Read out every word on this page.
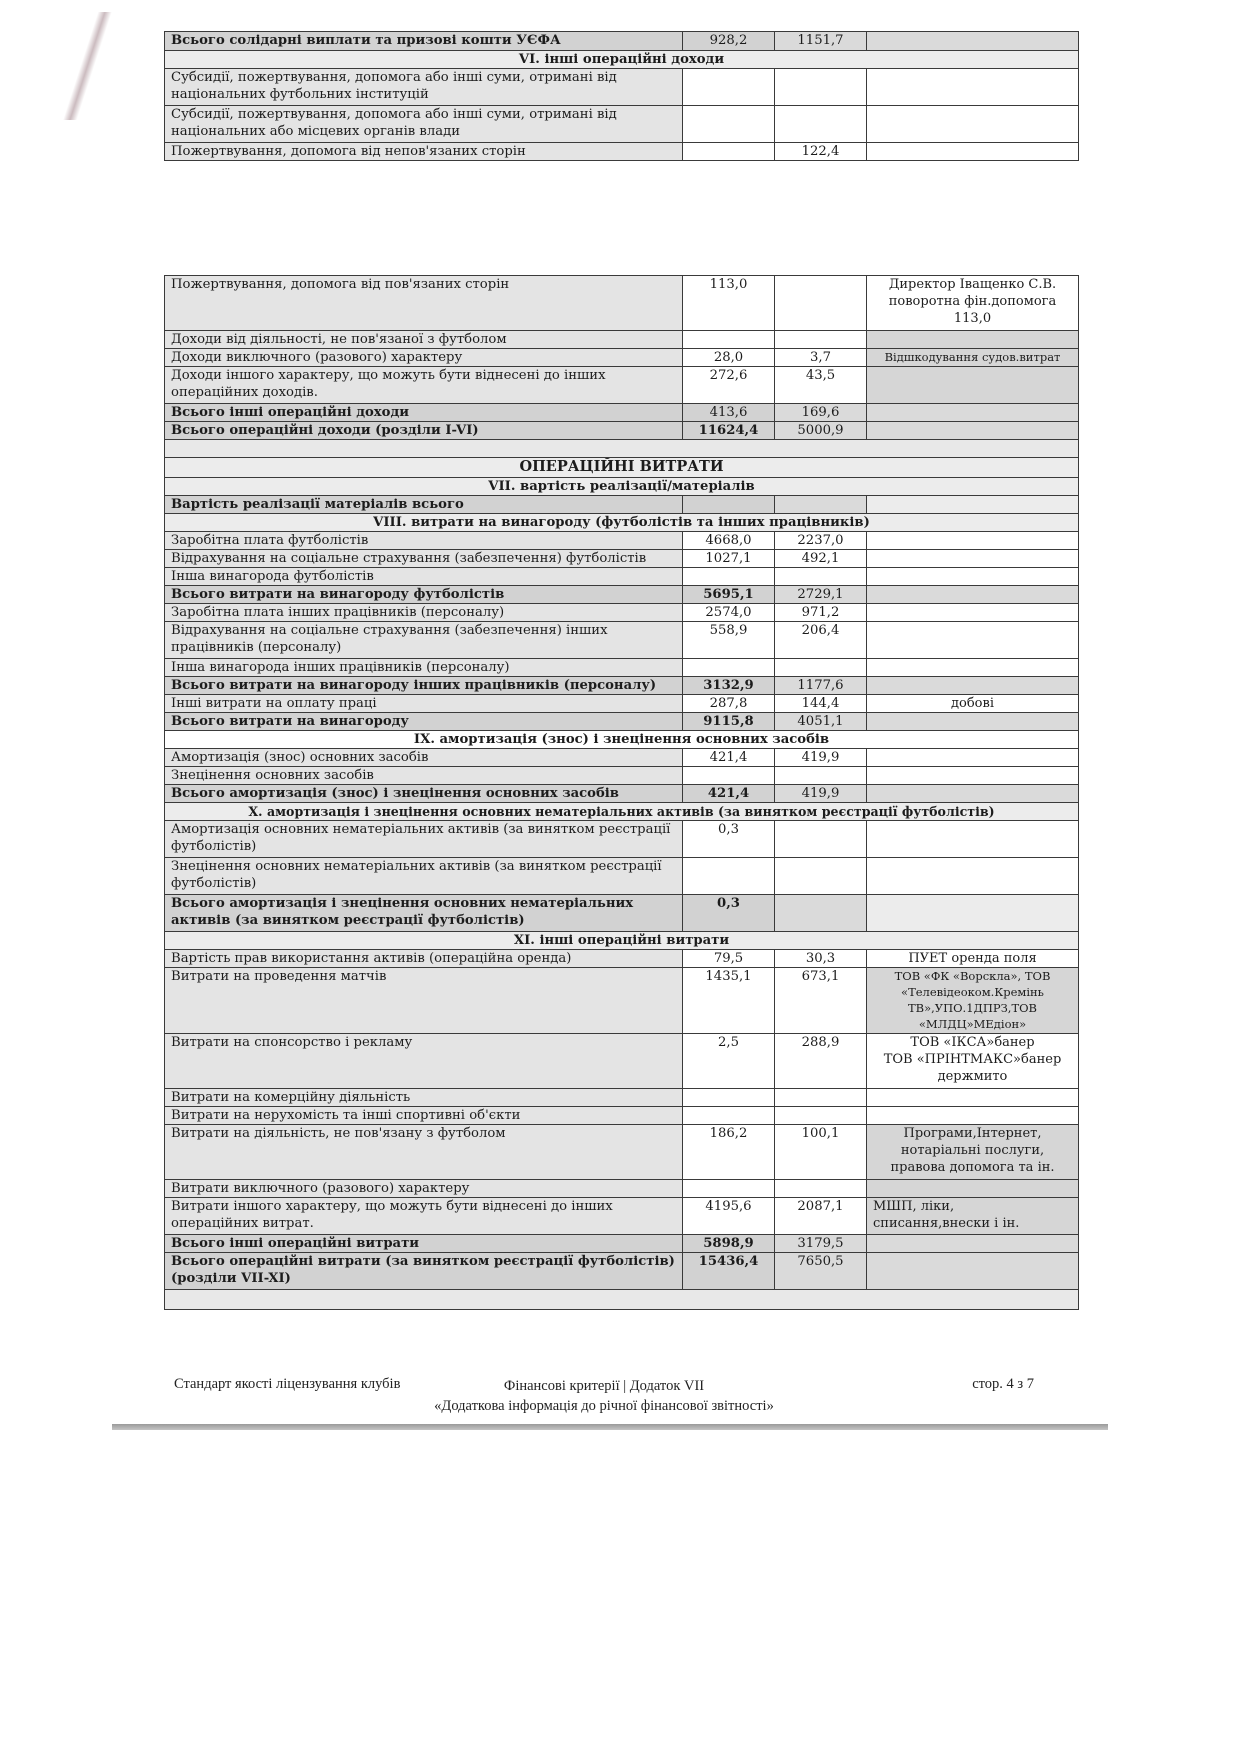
Всього солідарні виплати та призові кошти УЄФА	928,2	1151,7	
VI. інші операційні доходи			
Субсидії, пожертвування, допомога або інші суми, отримані від національних футбольних інституцій			
Субсидії, пожертвування, допомога або інші суми, отримані від національних або місцевих органів влади			
Пожертвування, допомога від непов'язаних сторін		122,4	
Пожертвування, допомога від пов'язаних сторін	113,0		Директор Іващенко С.В.
поворотна фін.допомога
113,0

Доходи від діяльності, не пов'язаної з футболом			
Доходи виключного (разового) характеру	28,0	3,7	Відшкодування судов.витрат
Доходи іншого характеру, що можуть бути віднесені до інших операційних доходів.	272,6	43,5	
Всього інші операційні доходи	413,6	169,6	
Всього операційні доходи (розділи I-VI)	11624,4	5000,9	

ОПЕРАЦІЙНІ ВИТРАТИ			
VII. вартість реалізації/матеріалів			
Вартість реалізації матеріалів всього			
VIII. витрати на винагороду (футболістів та інших працівників)			
Заробітна плата футболістів	4668,0	2237,0	
Відрахування на соціальне страхування (забезпечення) футболістів	1027,1	492,1	
Інша винагорода футболістів			
Всього витрати на винагороду футболістів	5695,1	2729,1	
Заробітна плата інших працівників (персоналу)	2574,0	971,2	
Відрахування на соціальне страхування (забезпечення) інших працівників (персоналу)	558,9	206,4	
Інша винагорода інших працівників (персоналу)			
Всього витрати на винагороду інших працівників (персоналу)	3132,9	1177,6	
Інші витрати на оплату праці	287,8	144,4	добові
Всього витрати на винагороду	9115,8	4051,1	
IX. амортизація (знос) і знецінення основних засобів			
Амортизація (знос) основних засобів	421,4	419,9	
Знецінення основних засобів			
Всього амортизація (знос) і знецінення основних засобів	421,4	419,9	
X. амортизація і знецінення основних нематеріальних активів (за винятком реєстрації футболістів)			
Амортизація основних нематеріальних активів (за винятком реєстрації футболістів)	0,3		
Знецінення основних нематеріальних активів (за винятком реєстрації футболістів)			
Всього амортизація і знецінення основних нематеріальних активів (за винятком реєстрації футболістів)	0,3		
XI. інші операційні витрати			
Вартість прав використання активів (операційна оренда)	79,5	30,3	ПУЕТ оренда поля
Витрати на проведення матчів	1435,1	673,1	ТОВ «ФК «Ворскла», ТОВ
«Телевідеоком.Кремінь
ТВ»,УПО.1ДПРЗ,ТОВ
«МЛДЦ»МЕдіон»

Витрати на спонсорство і рекламу	2,5	288,9	ТОВ «ІКСА»банер
ТОВ «ПРІНТМАКС»банер
держмито

Витрати на комерційну діяльність			
Витрати на нерухомість та інші спортивні об'єкти			
Витрати на діяльність, не пов'язану з футболом	186,2	100,1	Програми,Інтернет,
нотаріальні послуги,
правова допомога та ін.

Витрати виключного (разового) характеру			
Витрати іншого характеру, що можуть бути віднесені до інших операційних витрат.	4195,6	2087,1	МШП, ліки,
списання,внески і ін.

Всього інші операційні витрати	5898,9	3179,5	
Всього операційні витрати (за винятком реєстрації футболістів) (розділи VII-XI)	15436,4	7650,5	

Стандарт якості ліцензування клубів	Фінансові критерії | Додаток VII
«Додаткова інформація до річної фінансової звітності»
стор. 4 з 7
